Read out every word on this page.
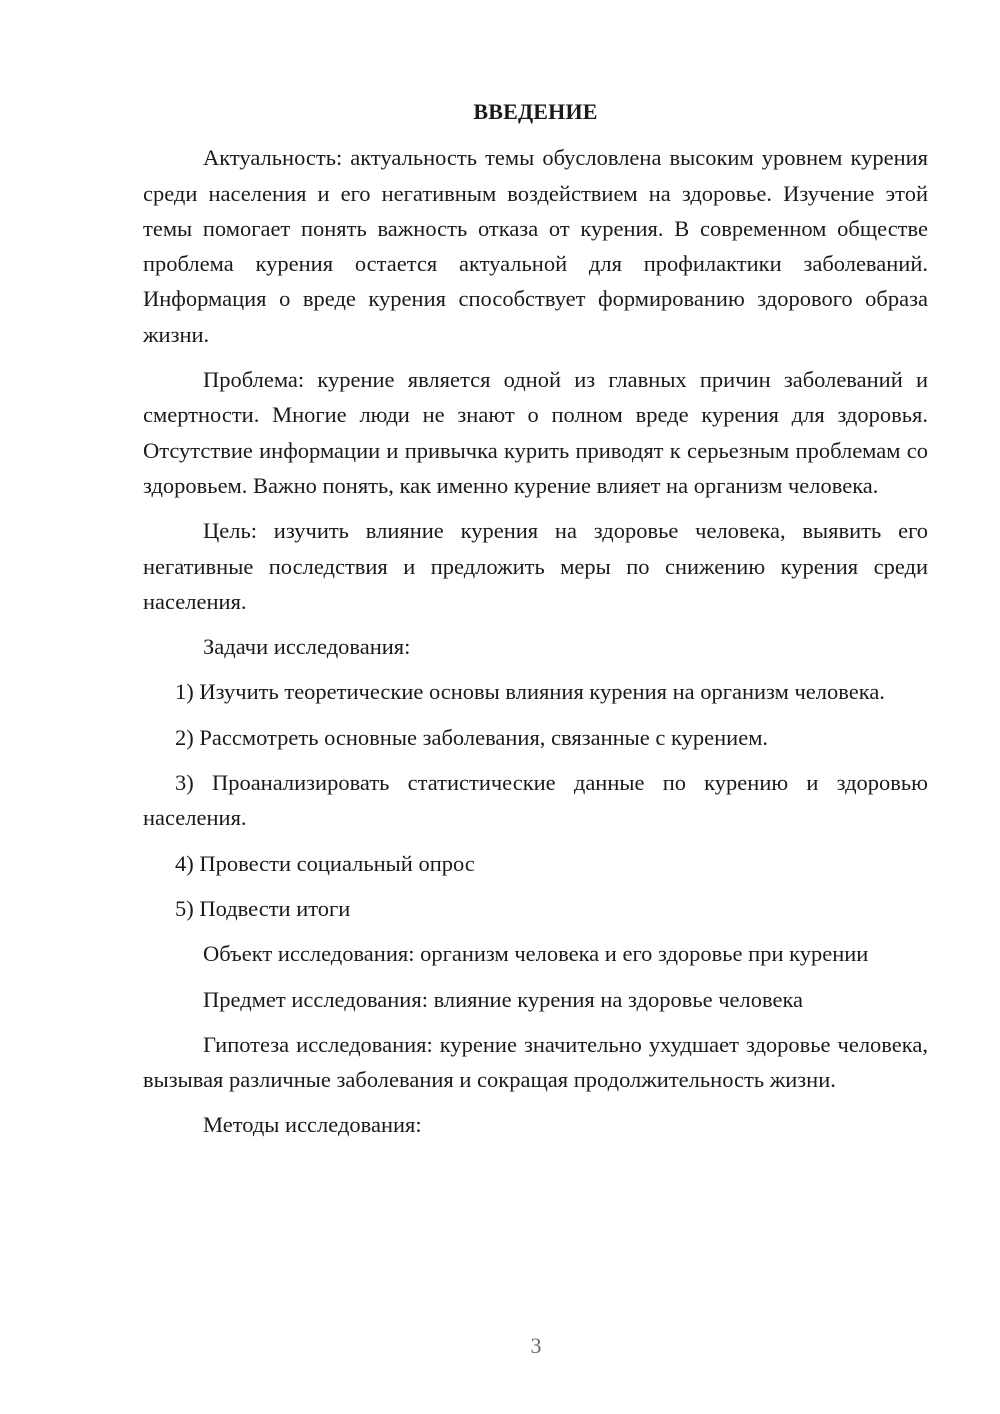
ВВЕДЕНИЕ

Актуальность: актуальность темы обусловлена высоким уровнем курения среди населения и его негативным воздействием на здоровье. Изучение этой темы помогает понять важность отказа от курения. В современном обществе проблема курения остается актуальной для профилактики заболеваний. Информация о вреде курения способствует формированию здорового образа жизни.

Проблема: курение является одной из главных причин заболеваний и смертности. Многие люди не знают о полном вреде курения для здоровья. Отсутствие информации и привычка курить приводят к серьезным проблемам со здоровьем. Важно понять, как именно курение влияет на организм человека.

Цель: изучить влияние курения на здоровье человека, выявить его негативные последствия и предложить меры по снижению курения среди населения.

Задачи исследования:

1) Изучить теоретические основы влияния курения на организм человека.

2) Рассмотреть основные заболевания, связанные с курением.

3) Проанализировать статистические данные по курению и здоровью населения.

4) Провести социальный опрос

5) Подвести итоги

Объект исследования: организм человека и его здоровье при курении

Предмет исследования: влияние курения на здоровье человека

Гипотеза исследования: курение значительно ухудшает здоровье человека, вызывая различные заболевания и сокращая продолжительность жизни.

Методы исследования:

3
